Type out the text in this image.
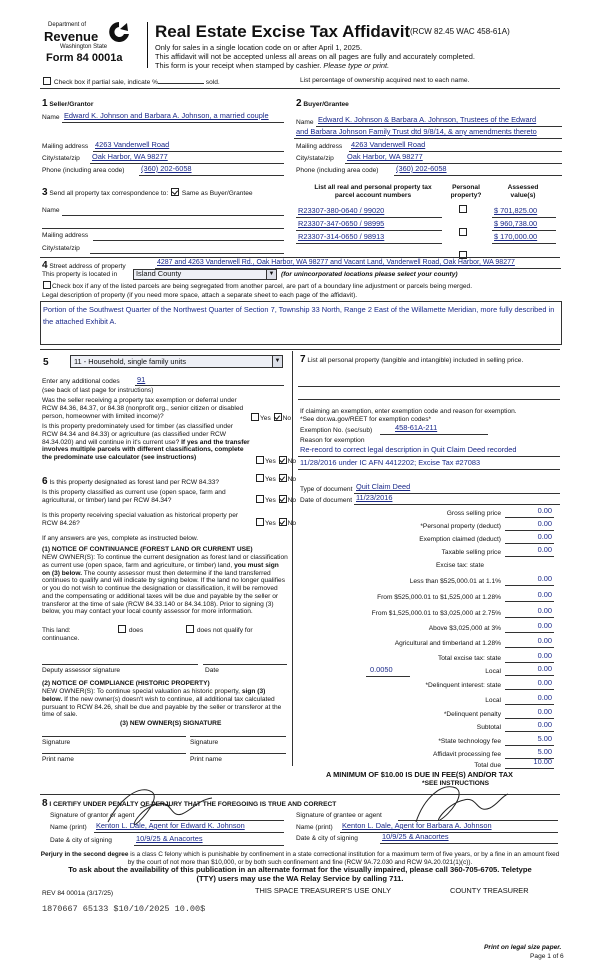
Department of
Revenue
Washington State
Form 84 0001a
Real Estate Excise Tax Affidavit (RCW 82.45 WAC 458-61A)
Only for sales in a single location code on or after April 1, 2025.
This affidavit will not be accepted unless all areas on all pages are fully and accurately completed.
This form is your receipt when stamped by cashier. Please type or print.
Check box if partial sale, indicate %	sold.	List percentage of ownership acquired next to each name.
1 Seller/Grantor
Name Edward K. Johnson and Barbara A. Johnson, a married couple
Mailing address 4263 Vanderwell Road
City/state/zip Oak Harbor, WA 98277
Phone (including area code) (360) 202-6058
2 Buyer/Grantee
Name Edward K. Johnson & Barbara A. Johnson, Trustees of the Edward
and Barbara Johnson Family Trust dtd 9/8/14, & any amendments thereto
Mailing address 4263 Vanderwell Road
City/state/zip Oak Harbor, WA 98277
Phone (including area code) (360) 202-6058
3 Send all property tax correspondence to: Same as Buyer/Grantee
Name
Mailing address
City/state/zip
List all real and personal property tax
parcel account numbers
Personal
property?
Assessed
value(s)
R23307-380-0640 / 99020	$ 701,825.00
R23307-347-0650 / 98995	$ 960,738.00
R23307-314-0650 / 98913	$ 170,000.00
4 Street address of property
4287 and 4263 Vanderwell Rd., Oak Harbor, WA 98277 and Vacant Land, Vanderwell Road, Oak Harbor, WA 98277
This property is located in	Island County	▼ (for unincorporated locations please select your county)
Check box if any of the listed parcels are being segregated from another parcel, are part of a boundary line adjustment or parcels being merged.
Legal description of property (if you need more space, attach a separate sheet to each page of the affidavit).
Portion of the Southwest Quarter of the Northwest Quarter of Section 7, Township 33 North, Range 2 East of the Willamette Meridian, more fully described in the attached Exhibit A.
5	11 - Household, single family units	▼
Enter any additional codes 91
(see back of last page for instructions)
Was the seller receiving a property tax exemption or deferral under RCW 84.36, 84.37, or 84.38 (nonprofit org., senior citizen or disabled person, homeowner with limited income)?	Yes No
Is this property predominately used for timber (as classified under RCW 84.34 and 84.33) or agriculture (as classified under RCW 84.34.020) and will continue in it's current use? If yes and the transfer involves multiple parcels with different classifications, complete the predominate use calculator (see instructions)
Yes No
6 Is this property designated as forest land per RCW 84.33?	Yes No
Is this property classified as current use (open space, farm and agricultural, or timber) land per RCW 84.34?	Yes No
Is this property receiving special valuation as historical property per RCW 84.26?	Yes No
If any answers are yes, complete as instructed below.
(1) NOTICE OF CONTINUANCE (FOREST LAND OR CURRENT USE)
NEW OWNER(S): To continue the current designation as forest land or classification as current use (open space, farm and agriculture, or timber) land, you must sign on (3) below. The county assessor must then determine if the land transferred continues to qualify and will indicate by signing below. If the land no longer qualifies or you do not wish to continue the designation or classification, it will be removed and the compensating or additional taxes will be due and payable by the seller or transferor at the time of sale (RCW 84.33.140 or 84.34.108). Prior to signing (3) below, you may contact your local county assessor for more information.
This land:	does	does not qualify for
continuance.
Deputy assessor signature	Date
(2) NOTICE OF COMPLIANCE (HISTORIC PROPERTY)
NEW OWNER(S): To continue special valuation as historic property, sign (3) below. If the new owner(s) doesn't wish to continue, all additional tax calculated pursuant to RCW 84.26, shall be due and payable by the seller or transferor at the time of sale.
(3) NEW OWNER(S) SIGNATURE
Signature	Signature
Print name	Print name
7 List all personal property (tangible and intangible) included in selling price.
If claiming an exemption, enter exemption code and reason for exemption. *See dor.wa.gov/REET for exemption codes*
Exemption No. (sec/sub)	458-61A-211
Reason for exemption
Re-record to correct legal description in Quit Claim Deed recorded
11/28/2016 under IC AFN 4412202; Excise Tax #27083
Type of document Quit Claim Deed
Date of document 11/23/2016
Gross selling price	0.00
*Personal property (deduct)	0.00
Exemption claimed (deduct)	0.00
Taxable selling price	0.00
Excise tax: state
Less than $525,000.01 at 1.1%	0.00
From $525,000.01 to $1,525,000 at 1.28%	0.00
From $1,525,000.01 to $3,025,000 at 2.75%	0.00
Above $3,025,000 at 3%	0.00
Agricultural and timberland at 1.28%	0.00
Total excise tax: state	0.00
0.0050	Local	0.00
*Delinquent interest: state	0.00
Local	0.00
*Delinquent penalty	0.00
Subtotal	0.00
*State technology fee	5.00
Affidavit processing fee	5.00
Total due	10.00
A MINIMUM OF $10.00 IS DUE IN FEE(S) AND/OR TAX
*SEE INSTRUCTIONS
8 I CERTIFY UNDER PENALTY OF PERJURY THAT THE FOREGOING IS TRUE AND CORRECT
Signature of grantor or agent
Name (print) Kenton L. Dale, Agent for Edward K. Johnson
Date & city of signing	10/9/25 & Anacortes
Signature of grantee or agent
Name (print) Kenton L. Dale, Agent for Barbara A. Johnson
Date & city of signing	10/9/25 & Anacortes
Perjury in the second degree is a class C felony which is punishable by confinement in a state correctional institution for a maximum term of five years, or by a fine in an amount fixed by the court of not more than $10,000, or by both such confinement and fine (RCW 9A.72.030 and RCW 9A.20.021(1)(c)).
To ask about the availability of this publication in an alternate format for the visually impaired, please call 360-705-6705. Teletype
(TTY) users may use the WA Relay Service by calling 711.
REV 84 0001a (3/17/25)	THIS SPACE TREASURER'S USE ONLY	COUNTY TREASURER
1870667 65133 $10/10/2025 10.00$
Print on legal size paper.
Page 1 of 6
